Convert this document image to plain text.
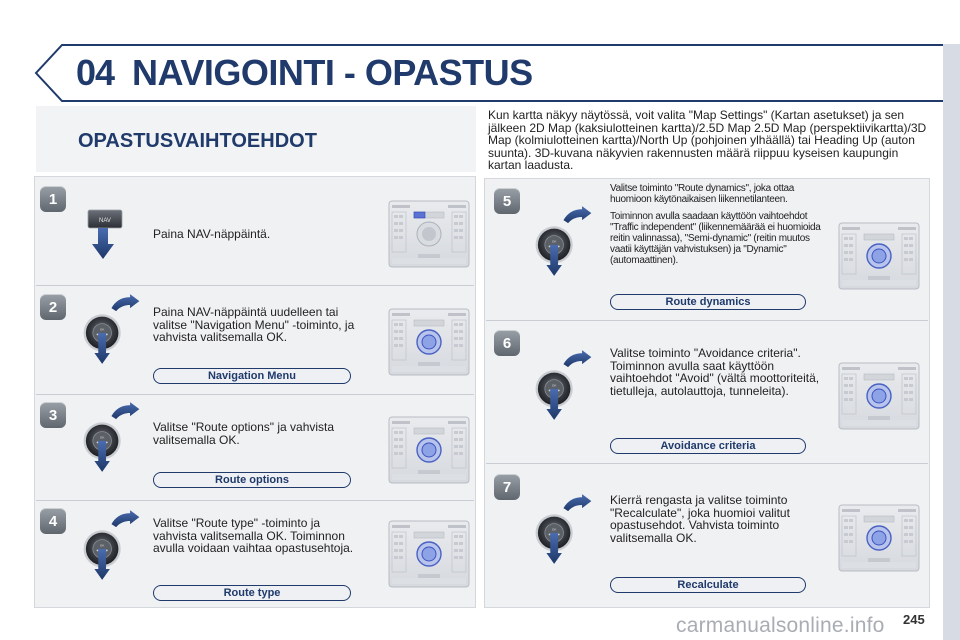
04 NAVIGOINTI - OPASTUS
OPASTUSVAIHTOEHDOT
Kun kartta näkyy näytössä, voit valita "Map Settings" (Kartan asetukset) ja sen jälkeen 2D Map (kaksiulotteinen kartta)/2.5D Map 2.5D Map (perspektiivikartta)/3D Map (kolmiulotteinen kartta)/North Up (pohjoinen ylhäällä) tai Heading Up (auton suunta). 3D-kuvana näkyvien rakennusten määrä riippuu kyseisen kaupungin kartan laadusta.
1
NAV
Paina NAV-näppäintä.
2	Paina NAV-näppäintä uudelleen tai valitse "Navigation Menu" -toiminto, ja vahvista valitsemalla OK.
Navigation Menu
3
Valitse "Route options" ja vahvista valitsemalla OK.
Route options
4	Valitse "Route type" -toiminto ja vahvista valitsemalla OK. Toiminnon avulla voidaan vaihtaa opastusehtoja.
Route type
5
Valitse toiminto "Route dynamics", joka ottaa huomioon käytönaikaisen liikennetilanteen.
Toiminnon avulla saadaan käyttöön vaihtoehdot "Traffic independent" (liikennemäärää ei huomioida reitin valinnassa), "Semi-dynamic" (reitin muutos vaatii käyttäjän vahvistuksen) ja "Dynamic" (automaattinen).
Route dynamics
6
Valitse toiminto "Avoidance criteria". Toiminnon avulla saat käyttöön vaihtoehdot "Avoid" (vältä moottoriteitä, tietulleja, autolauttoja, tunneleita).
Avoidance criteria
7
Kierrä rengasta ja valitse toiminto "Recalculate", joka huomioi valitut opastusehdot. Vahvista toiminto valitsemalla OK.
Recalculate
carmanualsonline.info 245
